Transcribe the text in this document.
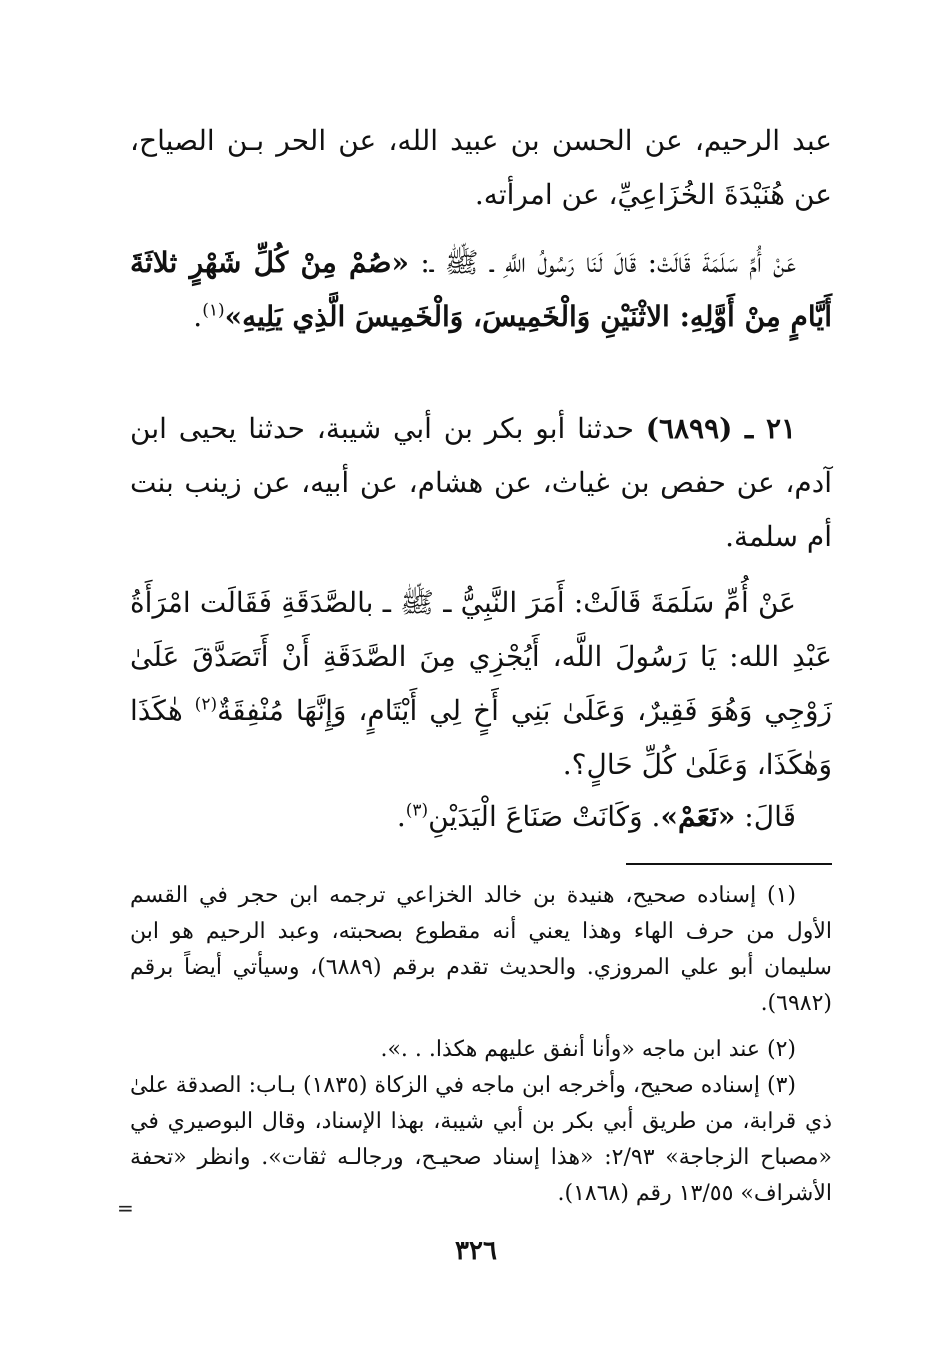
عبد الرحيم، عن الحسن بن عبيد الله، عن الحر بـن الصياح، عن هُنَيْدَةَ الخُزَاعِيِّ، عن امرأته.

عَنْ أُمِّ سَلَمَةَ قَالَتْ: قَالَ لَنَا رَسُولُ اللَّهِ ـ ﷺ ـ: «صُمْ مِنْ كُلِّ شَهْرٍ ثلاثَةَ أَيَّامٍ مِنْ أَوَّلِهِ: الاثْنَيْنِ وَالْخَمِيسَ، وَالْخَمِيسَ الَّذِي يَلِيهِ»$^{(١)}$.

٢١ ـ (٦٨٩٩) حدثنا أبو بكر بن أبي شيبة، حدثنا يحيى ابن آدم، عن حفص بن غياث، عن هشام، عن أبيه، عن زينب بنت أم سلمة.

عَنْ أُمِّ سَلَمَةَ قَالَتْ: أَمَرَ النَّبِيُّ ـ ﷺ ـ بالصَّدَقَةِ فَقَالَت امْرَأَةُ عَبْدِ الله: يَا رَسُولَ اللَّه، أَيُجْزِي مِنَ الصَّدَقَةِ أَنْ أَتَصَدَّقَ عَلَىٰ زَوْجِي وَهُوَ فَقِيرٌ، وَعَلَىٰ بَنِي أَخٍ لِي أَيْتَامٍ، وَإِنَّهَا مُنْفِقَةٌ$^{(٢)}$ هٰكَذَا وَهٰكَذَا، وَعَلَىٰ كُلِّ حَالٍ؟.

قَالَ: «نَعَمْ». وَكَانَتْ صَنَاعَ الْيَدَيْنِ$^{(٣)}$.

(١) إسناده صحيح، هنيدة بن خالد الخزاعي ترجمه ابن حجر في القسم الأول من حرف الهاء وهذا يعني أنه مقطوع بصحبته، وعبد الرحيم هو ابن سليمان أبو علي المروزي. والحديث تقدم برقم (٦٨٨٩)، وسيأتي أيضاً برقم (٦٩٨٢).

(٢) عند ابن ماجه «وأنا أنفق عليهم هكذا. . .».

(٣) إسناده صحيح، وأخرجه ابن ماجه في الزكاة (١٨٣٥) بـاب: الصدقة علىٰ ذي قرابة، من طريق أبي بكر بن أبي شيبة، بهذا الإسناد، وقال البوصيري في «مصباح الزجاجة» ٢/٩٣: «هذا إسناد صحيـح، ورجالـه ثقات». وانظر «تحفة الأشراف» ١٣/٥٥ رقم (١٨٦٨).

=
٣٢٦
